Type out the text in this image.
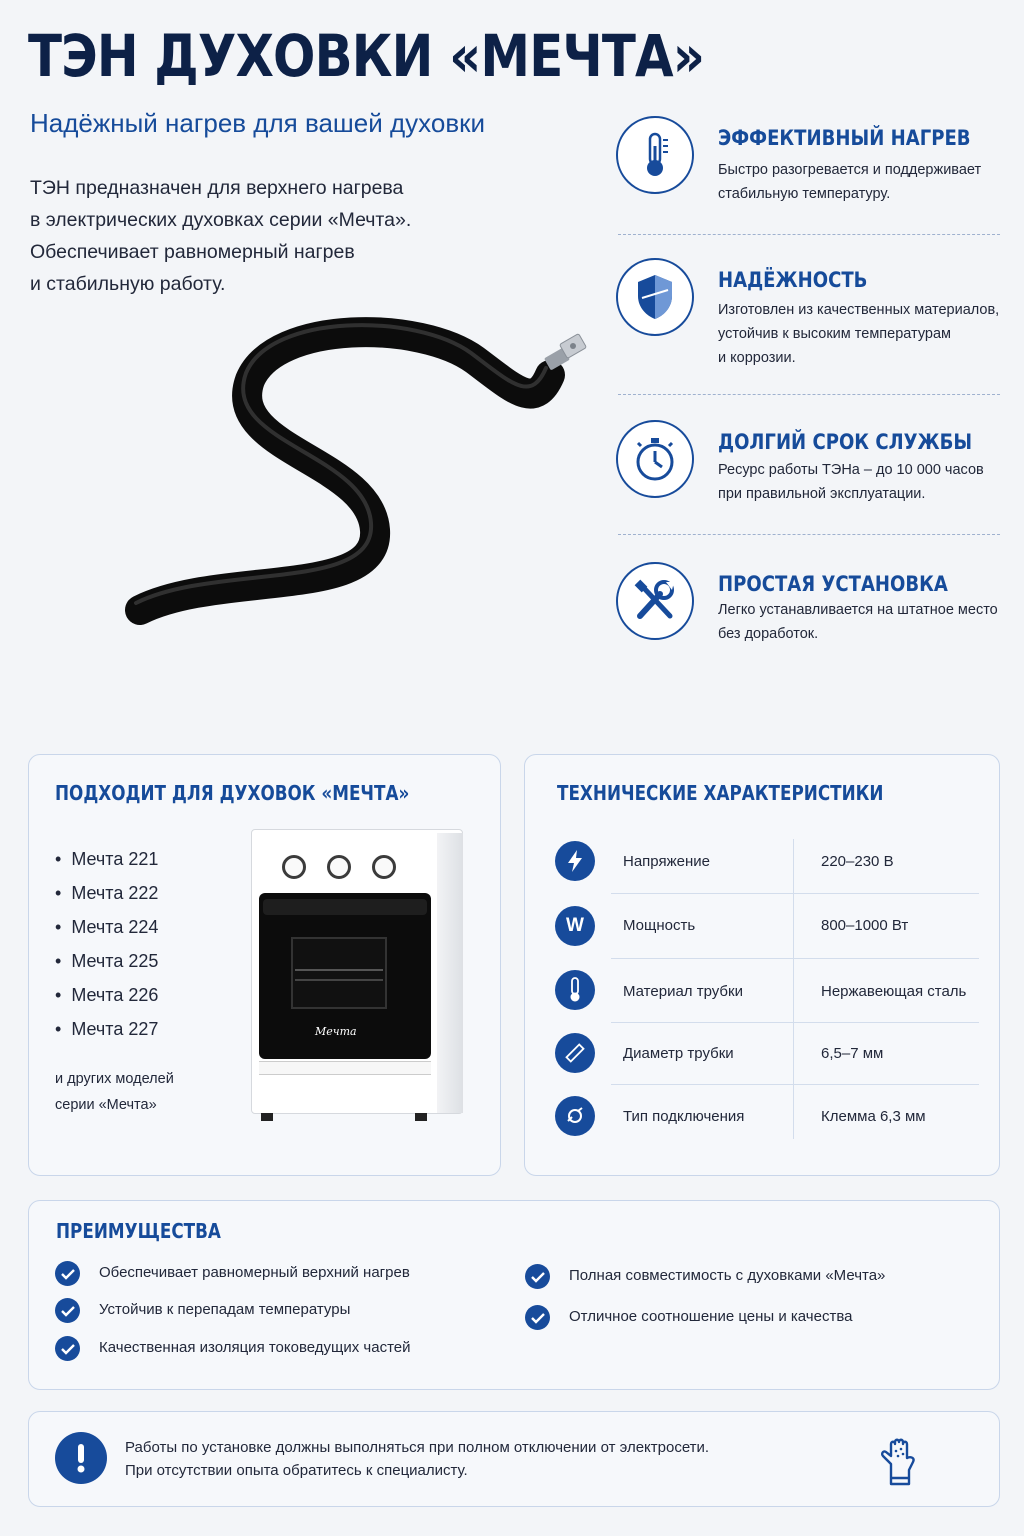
ТЭН ДУХОВКИ «МЕЧТА»
Надёжный нагрев для вашей духовки
ТЭН предназначен для верхнего нагрева
в электрических духовках серии «Мечта».
Обеспечивает равномерный нагрев
и стабильную работу.
ЭФФЕКТИВНЫЙ НАГРЕВ
Быстро разогревается и поддерживает
стабильную температуру.
НАДЁЖНОСТЬ
Изготовлен из качественных материалов,
устойчив к высоким температурам
и коррозии.
ДОЛГИЙ СРОК СЛУЖБЫ
Ресурс работы ТЭНа – до 10 000 часов
при правильной эксплуатации.
ПРОСТАЯ УСТАНОВКА
Легко устанавливается на штатное место
без доработок.
ПОДХОДИТ ДЛЯ ДУХОВОК «МЕЧТА»
• Мечта 221
• Мечта 222
• Мечта 224
• Мечта 225
• Мечта 226
• Мечта 227
и других моделей
серии «Мечта»
Мечта
ТЕХНИЧЕСКИЕ ХАРАКТЕРИСТИКИ
Напряжение	220–230 В
W	Мощность	800–1000 Вт
Материал трубки	Нержавеющая сталь
Диаметр трубки	6,5–7 мм
Тип подключения	Клемма 6,3 мм
ПРЕИМУЩЕСТВА
Обеспечивает равномерный верхний нагрев
Устойчив к перепадам температуры
Качественная изоляция токоведущих частей
Полная совместимость с духовками «Мечта»
Отличное соотношение цены и качества
Работы по установке должны выполняться при полном отключении от электросети.
При отсутствии опыта обратитесь к специалисту.
